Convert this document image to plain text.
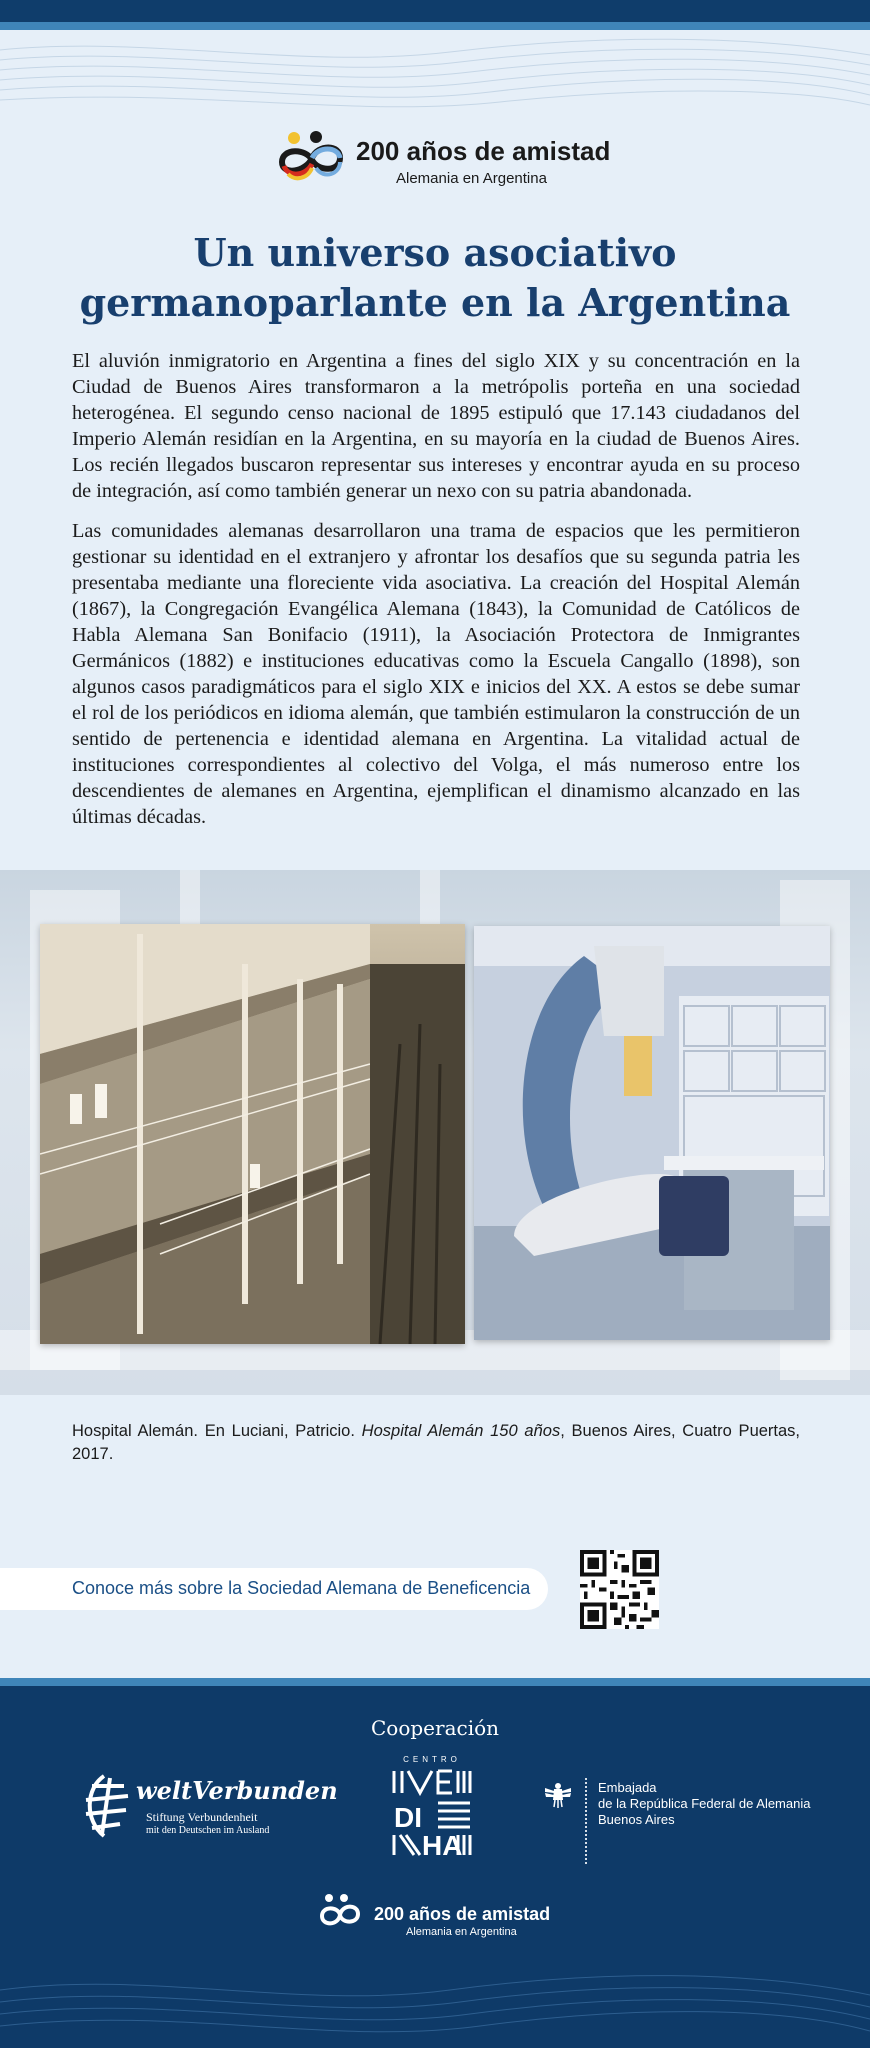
200 años de amistad
Alemania en Argentina
Un universo asociativo germanoparlante en la Argentina

El aluvión inmigratorio en Argentina a fines del siglo XIX y su concentración en la Ciudad de Buenos Aires transformaron a la metrópolis porteña en una sociedad heterogénea. El segundo censo nacional de 1895 estipuló que 17.143 ciudadanos del Imperio Alemán residían en la Argentina, en su mayoría en la ciudad de Buenos Aires. Los recién llegados buscaron representar sus intereses y encontrar ayuda en su proceso de integración, así como también generar un nexo con su patria abandonada.

Las comunidades alemanas desarrollaron una trama de espacios que les permitieron gestionar su identidad en el extranjero y afrontar los desafíos que su segunda patria les presentaba mediante una floreciente vida asociativa. La creación del Hospital Alemán (1867), la Congregación Evangélica Alemana (1843), la Comunidad de Católicos de Habla Alemana San Bonifacio (1911), la Asociación Protectora de Inmigrantes Germánicos (1882) e instituciones educativas como la Escuela Cangallo (1898), son algunos casos paradigmáticos para el siglo XIX e inicios del XX. A estos se debe sumar el rol de los periódicos en idioma alemán, que también estimularon la construcción de un sentido de pertenencia e identidad alemana en Argentina. La vitalidad actual de instituciones correspondientes al colectivo del Volga, el más numeroso entre los descendientes de alemanes en Argentina, ejemplifican el dinamismo alcanzado en las últimas décadas.

Hospital Alemán. En Luciani, Patricio. Hospital Alemán 150 años, Buenos Aires, Cuatro Puertas, 2017.

Conoce más sobre la Sociedad Alemana de Beneficencia
Cooperación
weltVerbunden
Stiftung Verbundenheit
mit den Deutschen im Ausland
CENTRO
DI
HA
Embajada
de la República Federal de Alemania
Buenos Aires
200 años de amistad
Alemania en Argentina
